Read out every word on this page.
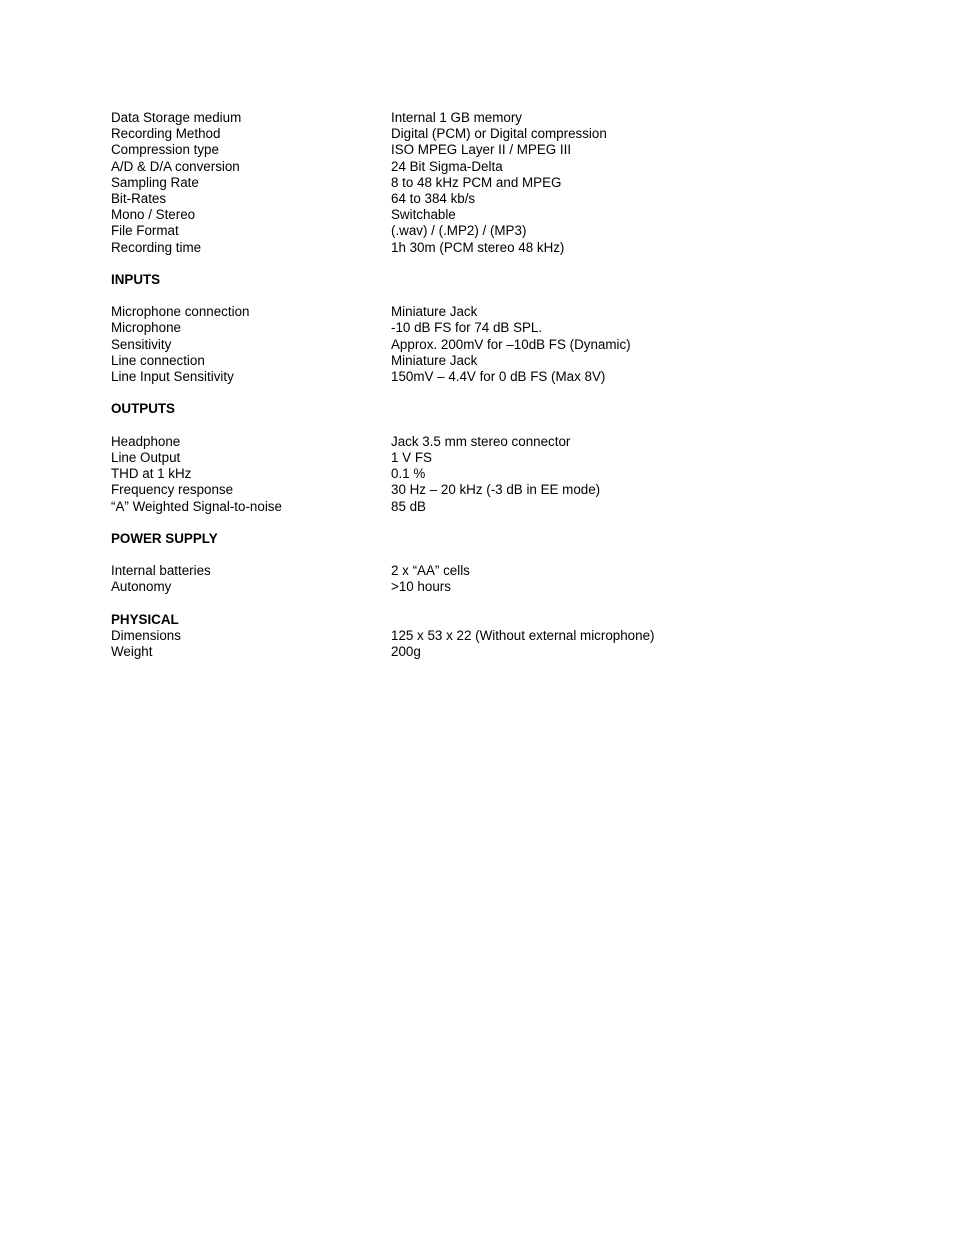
Data Storage medium	Internal 1 GB memory
Recording Method	Digital (PCM) or Digital compression
Compression type	ISO MPEG Layer II / MPEG III
A/D & D/A conversion	24 Bit Sigma-Delta
Sampling Rate	8 to 48 kHz PCM and MPEG
Bit-Rates	64 to 384 kb/s
Mono / Stereo	Switchable
File Format	(.wav) / (.MP2) / (MP3)
Recording time	1h 30m (PCM stereo 48 kHz)
INPUTS
Microphone connection	Miniature Jack
Microphone	-10 dB FS for 74 dB SPL.
Sensitivity	Approx. 200mV for –10dB FS (Dynamic)
Line connection	Miniature Jack
Line Input Sensitivity	150mV – 4.4V for 0 dB FS (Max 8V)
OUTPUTS
Headphone	Jack 3.5 mm stereo connector
Line Output	1 V FS
THD at 1 kHz	0.1 %
Frequency response	30 Hz – 20 kHz (-3 dB in EE mode)
“A” Weighted Signal-to-noise	85 dB
POWER SUPPLY
Internal batteries	2 x “AA” cells
Autonomy	>10 hours
PHYSICAL
Dimensions	125 x 53 x 22 (Without external microphone)
Weight	200g
